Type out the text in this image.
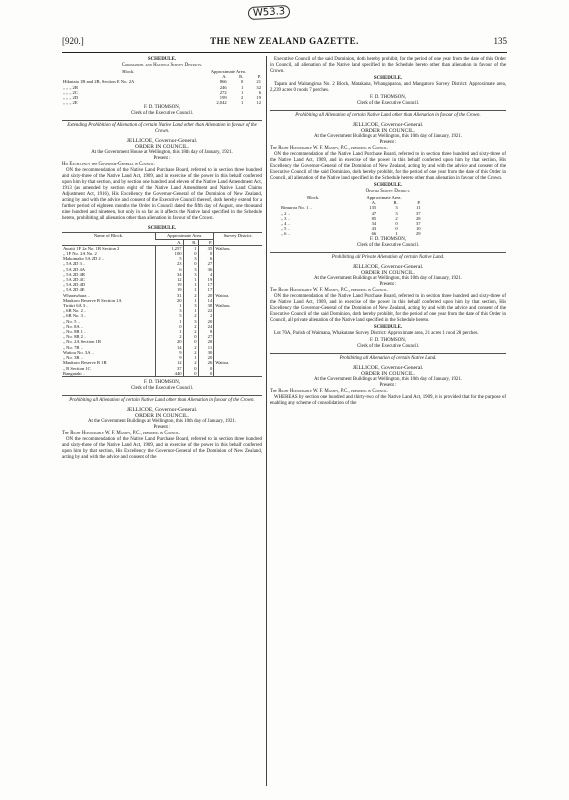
W53.3
[920.]	THE NEW ZEALAND GAZETTE.	135
SCHEDULE.
Coromandel and Hastings Survey Districts.
Block.	Approximate Area.		
	A.	R.	P.
Hikutaia 1B and 2B, Section E No. 2A	866	0	21
„ „ „ 2B	246	1	32
„ „ „ 2C	272	1	6
„ „ „ 2D	199	2	19
„ „ „ 2E	2,042	1	12
F. D. THOMSON,
Clerk of the Executive Council.
Extending Prohibition of Alienation of certain Native Land other than Alienation in favour of the Crown.
JELLICOE, Governor-General.
ORDER IN COUNCIL.
At the Government House at Wellington, this 18th day of January, 1921.
Present :
His Excellency the Governor-General in Council.
ON the recommendation of the Native Land Purchase Board, referred to in section three hundred and sixty-three of the Native Land Act, 1909, and in exercise of the power in this behalf conferred upon him by that section, and by section one hundred and eleven of the Native Land Amendment Act, 1913 (as amended by section eight of the Native Land Amendment and Native Land Claims Adjustment Act, 1916), His Excellency the Governor-General of the Dominion of New Zealand, acting by and with the advice and consent of the Executive Council thereof, doth hereby extend for a further period of eighteen months the Order in Council dated the fifth day of August, one thousand nine hundred and nineteen, but only in so far as it affects the Native land specified in the Schedule hereto, prohibiting all alienation other than alienation in favour of the Crown.
SCHEDULE.
Name of Block.	Approximate Area.			Survey District.
	A.	R.	P.	
Awaiti 1F 2a No. 1B Section 2	1,257	1	35	Waihou.
„ 1F No. 2A No. 2	100	0	0	
Makomako 5A 2D 2 ..	5	3	6	
„ 5A 2D 3 ..	23	0	27	
„ 5A 2D 4A	6	3	36	
„ 5A 2D 4B	34	3	4	
„ 5A 2D 4C	12	1	19	
„ 5A 2D 4D	19	1	17	
„ 5A 2D 4E	19	1	17	
Wharawhara ..	31	2	20	Waitoa.
Maukoro Reserve B Section 1A	20	1	14	
Tiritiri 6A 3 ..	1	3	38	Waihou.
„ 6B No. 2 ..	3	1	22	
„ 6B No. 3 ..	5	2	2	
„ No. 5 ..	1	3	20	
„ No. 8A ..	0	2	24	
„ No. 8B 1 ..	1	2	8	
„ No. 8B 2 ..	2	0	27	
„ No. 2A Section 1B	20	0	28	
„ No. 7B ..	14	2	11	
Waitoa No. 3A ..	9	2	30	
„ No. 3B ..	9	1	20	
Maukoro Reserve B 1B	12	2	26	Waitoa.
„ B Section 1C	37	0	0	
Rangatahi ..	440	0	0	
F. D. THOMSON,
Clerk of the Executive Council.
Prohibiting all Alienation of certain Native Land other than Alienation in favour of the Crown.
JELLICOE, Governor-General.
ORDER IN COUNCIL.
At the Government Buildings at Wellington, this 10th day of January, 1921.
Present :
The Right Honourable W. F. Massey, P.C., presiding in Council.
ON the recommendation of the Native Land Purchase Board, referred to in section three hundred and sixty-three of the Native Land Act, 1909, and in exercise of the power in this behalf conferred upon him by that section, His Excellency the Governor-General of the Dominion of New Zealand, acting by and with the advice and consent of the
Executive Council of the said Dominion, doth hereby prohibit, for the period of one year from the date of this Order in Council, all alienation of the Native land specified in the Schedule hereto other than alienation in favour of the Crown.
SCHEDULE.
Tapatu and Waitangirua No. 2 Block, Matakana, Whangaparoa, and Mangatoro Survey District: Approximate area, 2,239 acres 0 roods 7 perches.
F. D. THOMSON,
Clerk of the Executive Council.
Prohibiting all Alienation of certain Native Land other than Alienation in favour of the Crown.
JELLICOE, Governor-General.
ORDER IN COUNCIL.
At the Government Buildings at Wellington, this 10th day of January, 1921.
Present :
The Right Honourable W. F. Massey, P.C., presiding in Council.
ON the recommendation of the Native Land Purchase Board, referred to in section three hundred and sixty-three of the Native Land Act, 1909, and in exercise of the power in this behalf conferred upon him by that section, His Excellency the Governor-General of the Dominion of New Zealand, acting by and with the advice and consent of the Executive Council of the said Dominion, doth hereby prohibit, for the period of one year from the date of this Order in Council, all alienation of the Native land specified in the Schedule hereto other than alienation in favour of the Crown.
SCHEDULE.
Opotiki Survey District.
Block.	Approximate Area.		
	A.	R.	P.
Rimuroa No. 1 ..	135	3	11
„ 2 ..	47	3	37
„ 3 ..	85	2	28
„ 4 ..	34	0	37
„ 5 ..	43	0	10
„ 6 ..	66	1	29
F. D. THOMSON,
Clerk of the Executive Council.
Prohibiting all Private Alienation of certain Native Land.
JELLICOE, Governor-General.
ORDER IN COUNCIL.
At the Government Buildings at Wellington, this 10th day of January, 1921.
Present :
The Right Honourable W. F. Massey, P.C., presiding in Council.
ON the recommendation of the Native Land Purchase Board, referred to in section three hundred and sixty-three of the Native Land Act, 1909, and in exercise of the power in this behalf conferred upon him by that section, His Excellency the Governor-General of the Dominion of New Zealand, acting by and with the advice and consent of the Executive Council of the said Dominion, doth hereby prohibit, for the period of one year from the date of this Order in Council, all private alienation of the Native land specified in the Schedule hereto.
SCHEDULE.
Lot 70A, Parish of Waimana, Whakatane Survey District: Approximate area, 21 acres 1 rood 28 perches.
F. D. THOMSON,
Clerk of the Executive Council.
Prohibiting all Alienation of certain Native Land.
JELLICOE, Governor-General.
ORDER IN COUNCIL.
At the Government Buildings at Wellington, this 10th day of January, 1921.
Present :
The Right Honourable W. F. Massey, P.C., presiding in Council.
WHEREAS by section one hundred and thirty-two of the Native Land Act, 1909, it is provided that for the purpose of enabling any scheme of consolidation of the
